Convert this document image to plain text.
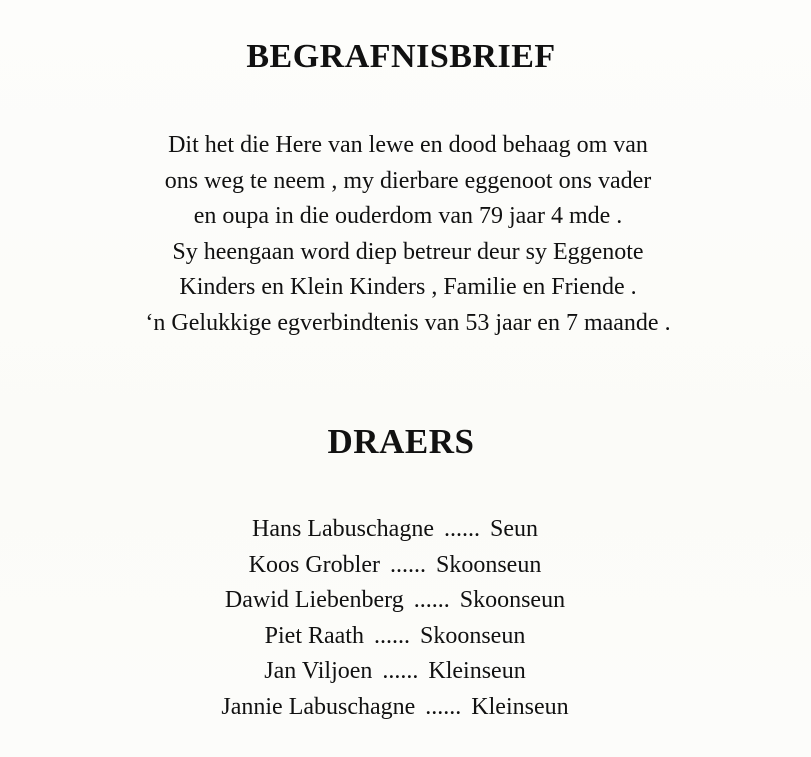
BEGRAFNISBRIEF
Dit het die Here van lewe en dood behaag om van
ons weg te neem , my dierbare eggenoot ons vader
en oupa in die ouderdom van 79 jaar 4 mde .
Sy heengaan word diep betreur deur sy Eggenote
Kinders en Klein Kinders , Familie en Friende .
‘n Gelukkige egverbindtenis van 53 jaar en 7 maande .
DRAERS
Hans Labuschagne ...... Seun
Koos Grobler ...... Skoonseun
Dawid Liebenberg ...... Skoonseun
Piet Raath ...... Skoonseun
Jan Viljoen ...... Kleinseun
Jannie Labuschagne ...... Kleinseun
